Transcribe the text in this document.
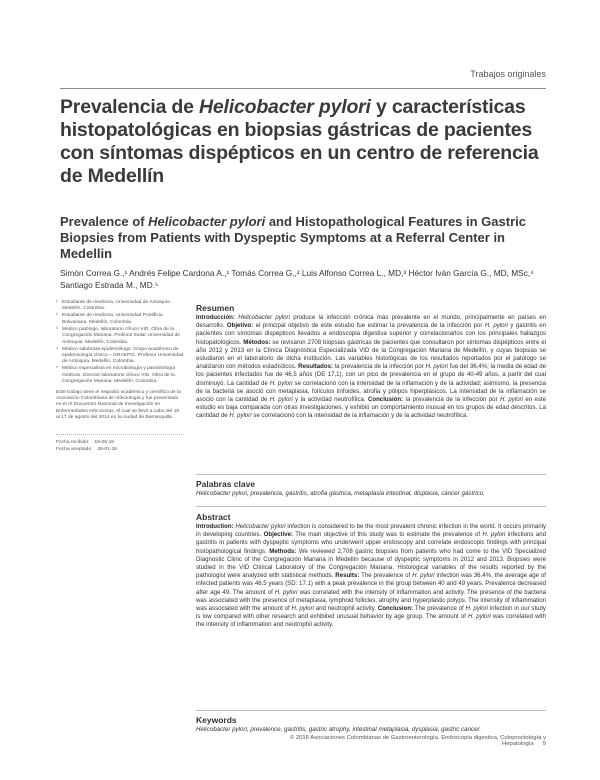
Trabajos originales
Prevalencia de Helicobacter pylori y características histopatológicas en biopsias gástricas de pacientes con síntomas dispépticos en un centro de referencia de Medellín
Prevalence of Helicobacter pylori and Histopathological Features in Gastric Biopsies from Patients with Dyspeptic Symptoms at a Referral Center in Medellin
Simón Correa G.,¹ Andrés Felipe Cardona A.,¹ Tomás Correa G.,² Luis Alfonso Correa L., MD,³ Héctor Iván García G., MD, MSc,⁴
Santiago Estrada M., MD.⁵
¹ Estudiante de medicina, Universidad de Antioquia. Medellín, Colombia.
² Estudiante de medicina, Universidad Pontificia Bolivariana. Medellín, Colombia.
³ Médico patólogo, laboratorio clínico VID, Obra de la Congregación Mariana. Profesor titular Universidad de Antioquia. Medellín, Colombia.
⁴ Médico salubrista epidemiólogo. Grupo académico de epidemiología clínica – GRAEPIC. Profesor Universidad de Antioquia. Medellín, Colombia.
⁵ Médico especialista en microbiología y parasitología médicas. Director laboratorio clínico VID, Obra de la Congregación Mariana. Medellín, Colombia.
Este trabajo tiene el respaldo académico y científico de la Asociación Colombiana de Infectología y fue presentado en el IX Encuentro Nacional de Investigación en Enfermedades Infecciosas, el cual se llevó a cabo del 15 al 17 de agosto del 2014 en la ciudad de Barranquilla.
Fecha recibido: 19-05-15
Fecha aceptado: 26-01-16
Resumen

Introducción: Helicobacter pylori produce la infección crónica más prevalente en el mundo, principalmente en países en desarrollo. Objetivo: el principal objetivo de este estudio fue estimar la prevalencia de la infección por H. pylori y gastritis en pacientes con síntomas dispépticos llevados a endoscopia digestiva superior y correlacionarlos con los principales hallazgos histopatológicos. Métodos: se revisaron 2708 biopsias gástricas de pacientes que consultaron por síntomas dispépticos entre el año 2012 y 2013 en la Clínica Diagnóstica Especializada VID de la Congregación Mariana de Medellín, y cuyas biopsias se estudiaron en el laboratorio de dicha institución. Las variables histológicas de los resultados reportados por el patólogo se analizaron con métodos estadísticos. Resultados: la prevalencia de la infección por H. pylori fue del 36,4%; la media de edad de los pacientes infectados fue de 46,5 años (DE 17,1), con un pico de prevalencia en el grupo de 40-49 años, a partir del cual disminuyó. La cantidad de H. pylori se correlacionó con la intensidad de la inflamación y de la actividad; asimismo, la presencia de la bacteria se asoció con metaplasia, folículos linfoides, atrofia y pólipos hiperplásicos. La intensidad de la inflamación se asoció con la cantidad de H. pylori y la actividad neutrofílica. Conclusión: la prevalencia de la infección por H. pylori en este estudio es baja comparada con otras investigaciones, y exhibió un comportamiento inusual en los grupos de edad descritos. La cantidad de H. pylori se correlacionó con la intensidad de la inflamación y de la actividad neutrofílica.

Palabras clave

Helicobacter pylori, prevalencia, gastritis, atrofia gástrica, metaplasia intestinal, displasia, cáncer gástrico.

Abstract

Introduction: Helicobacter pylori infection is considered to be the most prevalent chronic infection in the world. It occurs primarily in developing countries. Objective: The main objective of this study was to estimate the prevalence of H. pylori infections and gastritis in patients with dyspeptic symptoms who underwent upper endoscopy and correlate endoscopic findings with principal histopathological findings. Methods: We reviewed 2,708 gastric biopsies from patients who had come to the VID Specialized Diagnostic Clinic of the Congregación Mariana in Medellín because of dyspeptic symptoms in 2012 and 2013. Biopsies were studied in the VID Clinical Laboratory of the Congregación Mariana. Histological variables of the results reported by the pathologist were analyzed with statistical methods. Results: The prevalence of H. pylori infection was 36.4%, the average age of infected patients was 46.5 years (SD: 17.1) with a peak prevalence in the group between 40 and 49 years. Prevalence decreased after age 49. The amount of H. pylori was correlated with the intensity of inflammation and activity. The presence of the bacteria was associated with the presence of metaplasia, lymphoid follicles, atrophy and hyperplastic polyps. The intensity of inflammation was associated with the amount of H. pylori and neutrophil activity. Conclusion: The prevalence of H. pylori infection in our study is low compared with other research and exhibited unusual behavior by age group. The amount of H. pylori was correlated with the intensity of inflammation and neutrophil activity.

Keywords

Helicobacter pylori, prevalence, gastritis, gastric atrophy, intestinal metaplasia, dysplasia, gastric cancer.

© 2016 Asociaciones Colombianas de Gastroenterología, Endoscopia digestiva, Coloproctología y Hepatología 9
